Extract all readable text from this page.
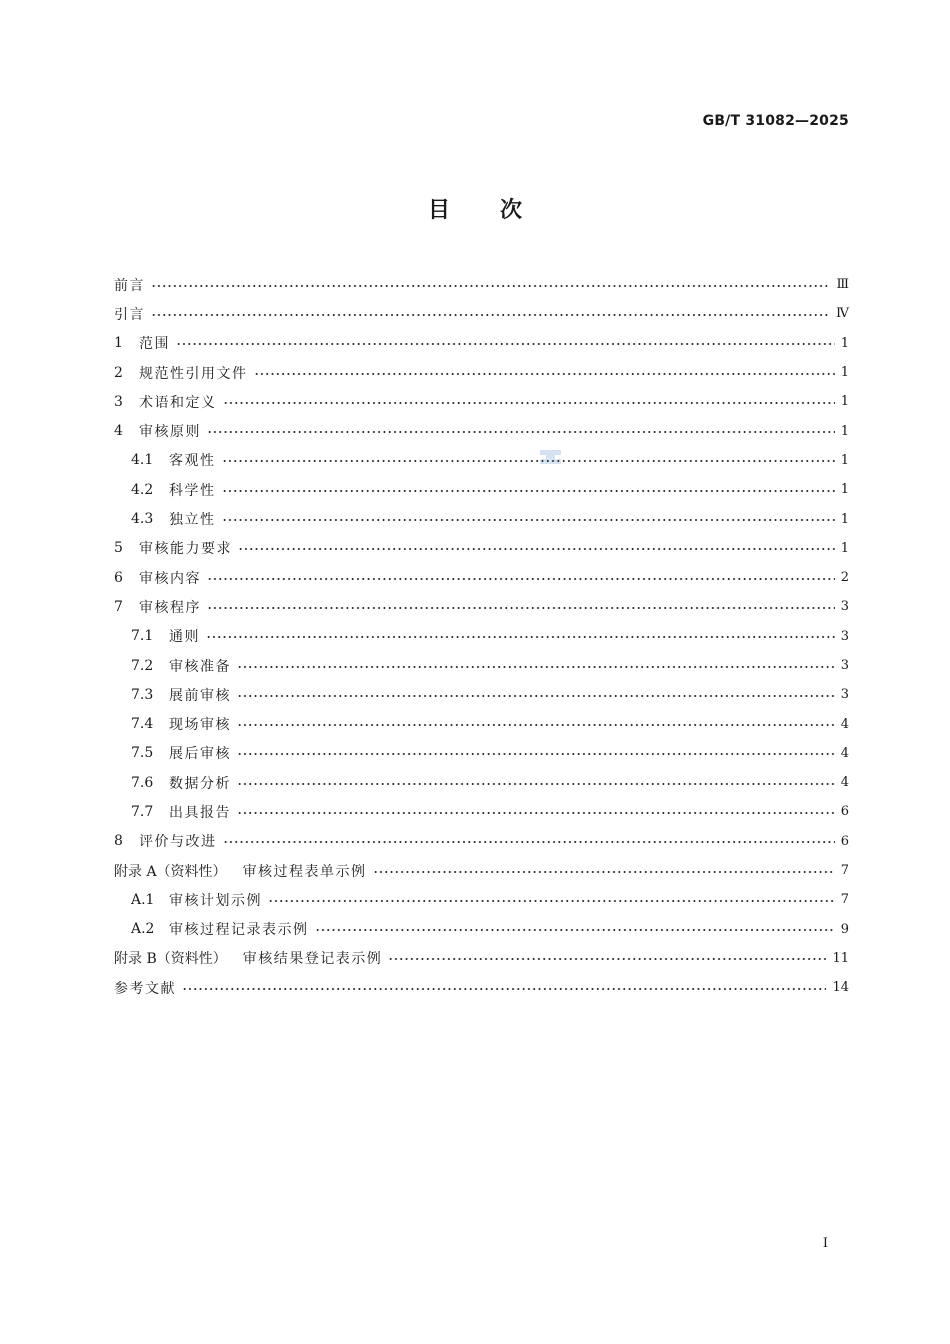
GB/T 31082—2025
目次
前言	Ⅲ
引言	Ⅳ
1	范围	1
2	规范性引用文件	1
3	术语和定义	1
4	审核原则	1
4.1	客观性	1
4.2	科学性	1
4.3	独立性	1
5	审核能力要求	1
6	审核内容	2
7	审核程序	3
7.1	通则	3
7.2	审核准备	3
7.3	展前审核	3
7.4	现场审核	4
7.5	展后审核	4
7.6	数据分析	4
7.7	出具报告	6
8	评价与改进	6
附录 A（资料性） 审核过程表单示例	7
A.1	审核计划示例	7
A.2	审核过程记录表示例	9
附录 B（资料性） 审核结果登记表示例	11
参考文献	14
I
